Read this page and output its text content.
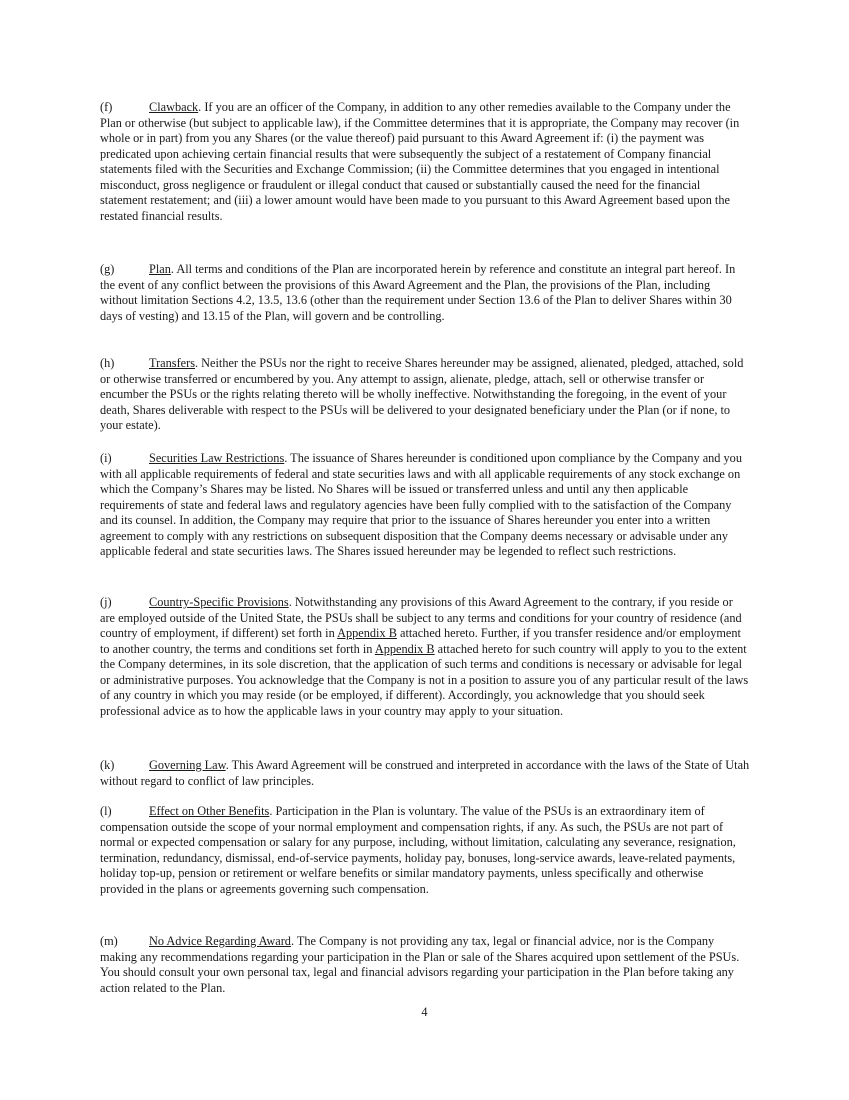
(f)	Clawback. If you are an officer of the Company, in addition to any other remedies available to the Company under the Plan or otherwise (but subject to applicable law), if the Committee determines that it is appropriate, the Company may recover (in whole or in part) from you any Shares (or the value thereof) paid pursuant to this Award Agreement if: (i) the payment was predicated upon achieving certain financial results that were subsequently the subject of a restatement of Company financial statements filed with the Securities and Exchange Commission; (ii) the Committee determines that you engaged in intentional misconduct, gross negligence or fraudulent or illegal conduct that caused or substantially caused the need for the financial statement restatement; and (iii) a lower amount would have been made to you pursuant to this Award Agreement based upon the restated financial results.

(g)	Plan. All terms and conditions of the Plan are incorporated herein by reference and constitute an integral part hereof. In the event of any conflict between the provisions of this Award Agreement and the Plan, the provisions of the Plan, including without limitation Sections 4.2, 13.5, 13.6 (other than the requirement under Section 13.6 of the Plan to deliver Shares within 30 days of vesting) and 13.15 of the Plan, will govern and be controlling.

(h)	Transfers. Neither the PSUs nor the right to receive Shares hereunder may be assigned, alienated, pledged, attached, sold or otherwise transferred or encumbered by you. Any attempt to assign, alienate, pledge, attach, sell or otherwise transfer or encumber the PSUs or the rights relating thereto will be wholly ineffective. Notwithstanding the foregoing, in the event of your death, Shares deliverable with respect to the PSUs will be delivered to your designated beneficiary under the Plan (or if none, to your estate).

(i)	Securities Law Restrictions. The issuance of Shares hereunder is conditioned upon compliance by the Company and you with all applicable requirements of federal and state securities laws and with all applicable requirements of any stock exchange on which the Company’s Shares may be listed. No Shares will be issued or transferred unless and until any then applicable requirements of state and federal laws and regulatory agencies have been fully complied with to the satisfaction of the Company and its counsel. In addition, the Company may require that prior to the issuance of Shares hereunder you enter into a written agreement to comply with any restrictions on subsequent disposition that the Company deems necessary or advisable under any applicable federal and state securities laws. The Shares issued hereunder may be legended to reflect such restrictions.

(j)	Country-Specific Provisions. Notwithstanding any provisions of this Award Agreement to the contrary, if you reside or are employed outside of the United State, the PSUs shall be subject to any terms and conditions for your country of residence (and country of employment, if different) set forth in Appendix B attached hereto. Further, if you transfer residence and/or employment to another country, the terms and conditions set forth in Appendix B attached hereto for such country will apply to you to the extent the Company determines, in its sole discretion, that the application of such terms and conditions is necessary or advisable for legal or administrative purposes. You acknowledge that the Company is not in a position to assure you of any particular result of the laws of any country in which you may reside (or be employed, if different). Accordingly, you acknowledge that you should seek professional advice as to how the applicable laws in your country may apply to your situation.

(k)	Governing Law. This Award Agreement will be construed and interpreted in accordance with the laws of the State of Utah without regard to conflict of law principles.

(l)	Effect on Other Benefits. Participation in the Plan is voluntary. The value of the PSUs is an extraordinary item of compensation outside the scope of your normal employment and compensation rights, if any. As such, the PSUs are not part of normal or expected compensation or salary for any purpose, including, without limitation, calculating any severance, resignation, termination, redundancy, dismissal, end-of-service payments, holiday pay, bonuses, long-service awards, leave-related payments, holiday top-up, pension or retirement or welfare benefits or similar mandatory payments, unless specifically and otherwise provided in the plans or agreements governing such compensation.

(m)	No Advice Regarding Award. The Company is not providing any tax, legal or financial advice, nor is the Company making any recommendations regarding your participation in the Plan or sale of the Shares acquired upon settlement of the PSUs. You should consult your own personal tax, legal and financial advisors regarding your participation in the Plan before taking any action related to the Plan.

4
